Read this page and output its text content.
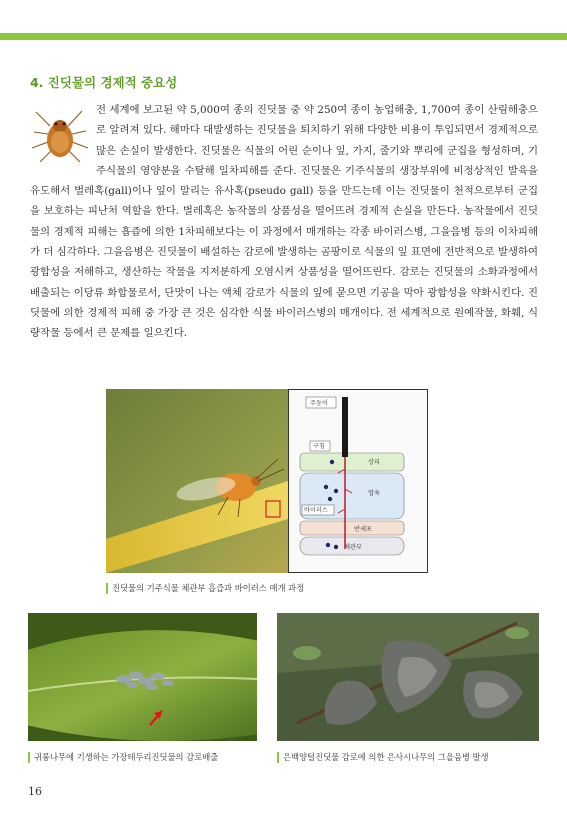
4. 진딧물의 경제적 중요성
전 세계에 보고된 약 5,000여 종의 진딧물 중 약 250여 종이 농업해충, 1,700여 종이 산림해충으로 알려져 있다. 해마다 대발생하는 진딧물을 퇴치하기 위해 다양한 비용이 투입되면서 경제적으로 많은 손실이 발생한다. 진딧물은 식물의 어린 순이나 잎, 가지, 줄기와 뿌리에 군집을 형성하며, 기주식물의 영양분을 수탈해 일차피해를 준다. 진딧물은 기주식물의 생장부위에 비정상적인 발육을 유도해서 벌레혹(gall)이나 잎이 말리는 유사혹(pseudo gall) 등을 만드는데 이는 진딧물이 천적으로부터 군집을 보호하는 피난처 역할을 한다. 벌레혹은 농작물의 상품성을 떨어뜨려 경제적 손실을 만든다. 농작물에서 진딧물의 경제적 피해는 흡즙에 의한 1차피해보다는 이 과정에서 매개하는 각종 바이러스병, 그을음병 등의 이차피해가 더 심각하다. 그을음병은 진딧물이 배설하는 감로에 발생하는 곰팡이로 식물의 잎 표면에 전반적으로 발생하여 광합성을 저해하고, 생산하는 작물을 지저분하게 오염시켜 상품성을 떨어뜨린다. 감로는 진딧물의 소화과정에서 배출되는 이당류 화합물로서, 단맛이 나는 액체 감로가 식물의 잎에 묻으면 기공을 막아 광합성을 약화시킨다. 진딧물에 의한 경제적 피해 중 가장 큰 것은 심각한 식물 바이러스병의 매개이다. 전 세계적으로 원예작물, 화훼, 식량작물 등에서 큰 문제를 일으킨다.
주둥이
구침
상피
엽육
바이러스
반세포
체관부
진딧물의 기주식물 체관부 흡즙과 바이러스 매개 과정
귀룽나무에 기생하는 가장테두리진딧물의 감로배출	은백양털진딧물 감로에 의한 은사시나무의 그을음병 발생
16
